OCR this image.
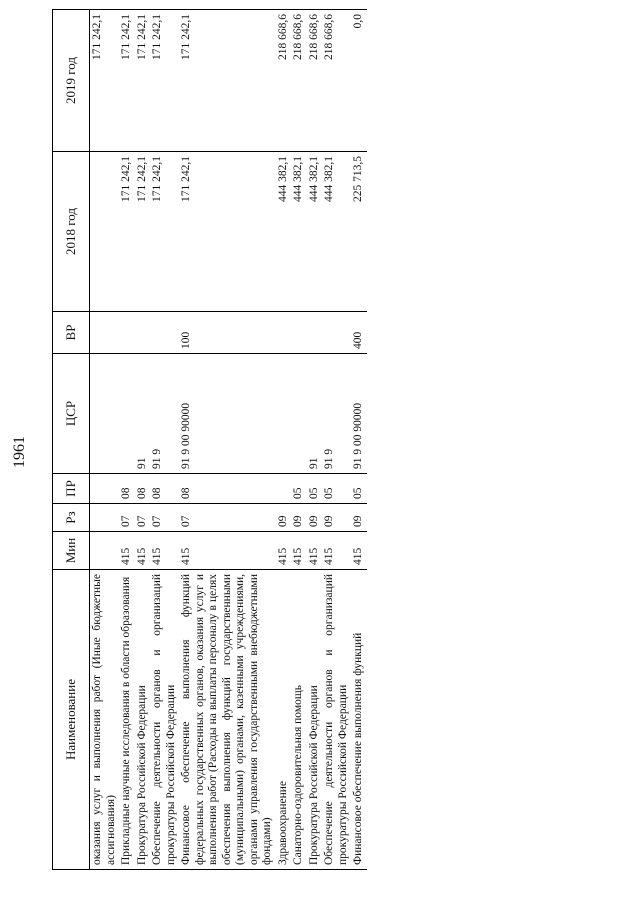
1961
Наименование	Мин	Рз	ПР	ЦСР	ВР	2018 год	2019 год
оказания услуг и выполнения работ (Иные бюджетные ассигнования)							171 242,1
Прикладные научные исследования в области образования	415	07	08			171 242,1	171 242,1
Прокуратура Российской Федерации	415	07	08	91		171 242,1	171 242,1
Обеспечение деятельности органов и организаций прокуратуры Российской Федерации	415	07	08	91 9		171 242,1	171 242,1
Финансовое обеспечение выполнения функций федеральных государственных органов, оказания услуг и выполнения работ (Расходы на выплаты персоналу в целях обеспечения выполнения функций государственными (муниципальными) органами, казенными учреждениями, органами управления государственными внебюджетными фондами)	415	07	08	91 9 00 90000	100	171 242,1	171 242,1
Здравоохранение	415	09				444 382,1	218 668,6
Санаторно-оздоровительная помощь	415	09	05			444 382,1	218 668,6
Прокуратура Российской Федерации	415	09	05	91		444 382,1	218 668,6
Обеспечение деятельности органов и организаций прокуратуры Российской Федерации	415	09	05	91 9		444 382,1	218 668,6
Финансовое обеспечение выполнения функций	415	09	05	91 9 00 90000	400	225 713,5	0,0
